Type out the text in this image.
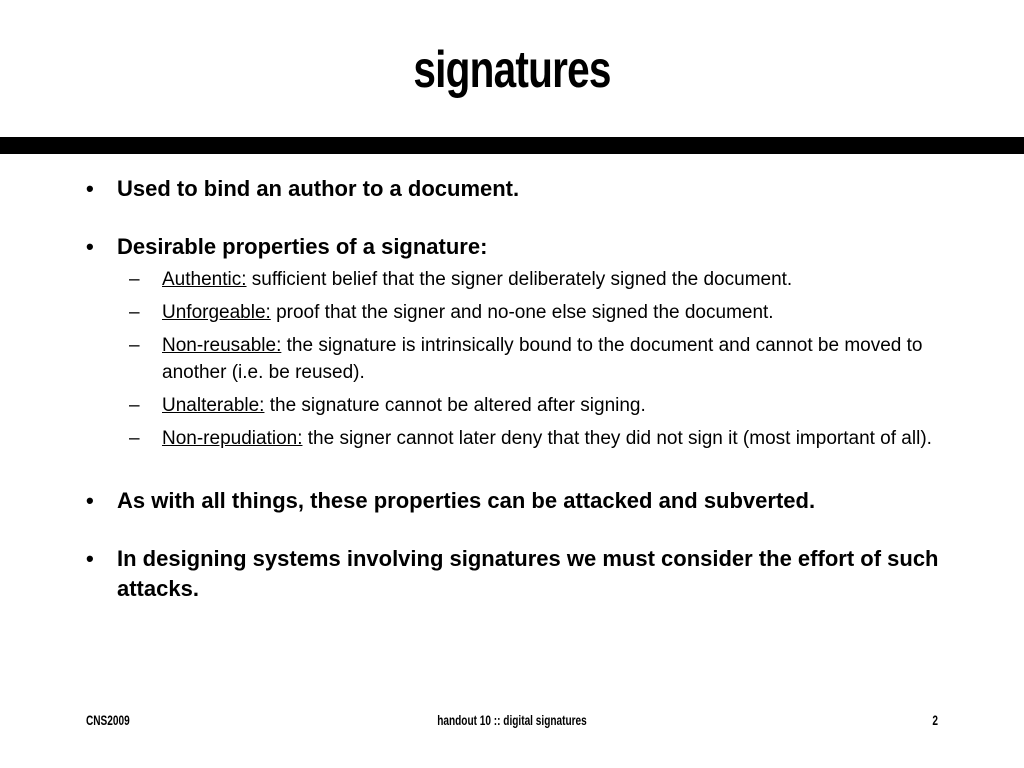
signatures
• Used to bind an author to a document.
• Desirable properties of a signature:
– Authentic: sufficient belief that the signer deliberately signed the document.
– Unforgeable: proof that the signer and no-one else signed the document.
– Non-reusable: the signature is intrinsically bound to the document and cannot be moved to another (i.e. be reused).
– Unalterable: the signature cannot be altered after signing.
– Non-repudiation: the signer cannot later deny that they did not sign it (most important of all).
• As with all things, these properties can be attacked and subverted.
• In designing systems involving signatures we must consider the effort of such attacks.
CNS2009	handout 10 :: digital signatures	2
